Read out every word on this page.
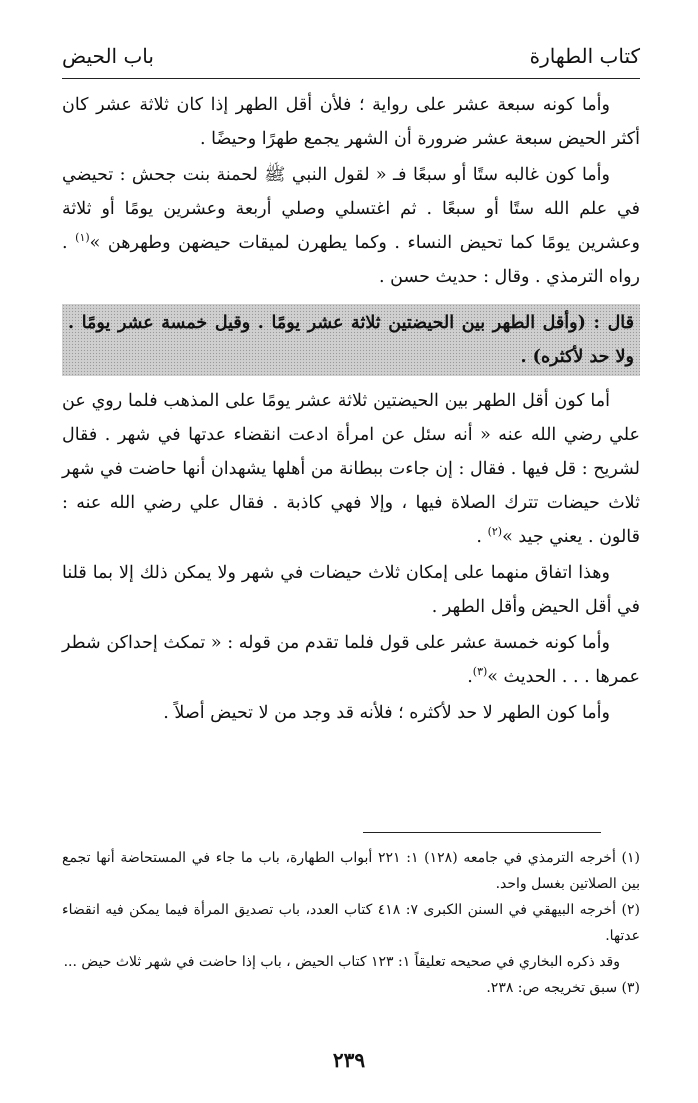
كتاب الطهارة
باب الحيض

وأما كونه سبعة عشر على رواية ؛ فلأن أقل الطهر إذا كان ثلاثة عشر كان أكثر الحيض سبعة عشر ضرورة أن الشهر يجمع طهرًا وحيضًا .

وأما كون غالبه ستًا أو سبعًا فـ « لقول النبي ﷺ لحمنة بنت جحش : تحيضي في علم الله ستًا أو سبعًا . ثم اغتسلي وصلي أربعة وعشرين يومًا أو ثلاثة وعشرين يومًا كما تحيض النساء . وكما يطهرن لميقات حيضهن وطهرهن »$^{(١)}$ . رواه الترمذي . وقال : حديث حسن .

قال : (وأقل الطهر بين الحيضتين ثلاثة عشر يومًا . وقيل خمسة عشر يومًا . ولا حد لأكثره) .

أما كون أقل الطهر بين الحيضتين ثلاثة عشر يومًا على المذهب فلما روي عن علي رضي الله عنه « أنه سئل عن امرأة ادعت انقضاء عدتها في شهر . فقال لشريح : قل فيها . فقال : إن جاءت ببطانة من أهلها يشهدان أنها حاضت في شهر ثلاث حيضات تترك الصلاة فيها ، وإلا فهي كاذبة . فقال علي رضي الله عنه : قالون . يعني جيد »$^{(٢)}$ .

وهذا اتفاق منهما على إمكان ثلاث حيضات في شهر ولا يمكن ذلك إلا بما قلنا في أقل الحيض وأقل الطهر .

وأما كونه خمسة عشر على قول فلما تقدم من قوله : « تمكث إحداكن شطر عمرها . . . الحديث »$^{(٣)}$.

وأما كون الطهر لا حد لأكثره ؛ فلأنه قد وجد من لا تحيض أصلاً .

(١) أخرجه الترمذي في جامعه (١٢٨) ١: ٢٢١ أبواب الطهارة، باب ما جاء في المستحاضة أنها تجمع بين الصلاتين بغسل واحد.

(٢) أخرجه البيهقي في السنن الكبرى ٧: ٤١٨ كتاب العدد، باب تصديق المرأة فيما يمكن فيه انقضاء عدتها.

وقد ذكره البخاري في صحيحه تعليقاً ١: ١٢٣ كتاب الحيض ، باب إذا حاضت في شهر ثلاث حيض ...

(٣) سبق تخريجه ص: ٢٣٨.

٢٣٩
